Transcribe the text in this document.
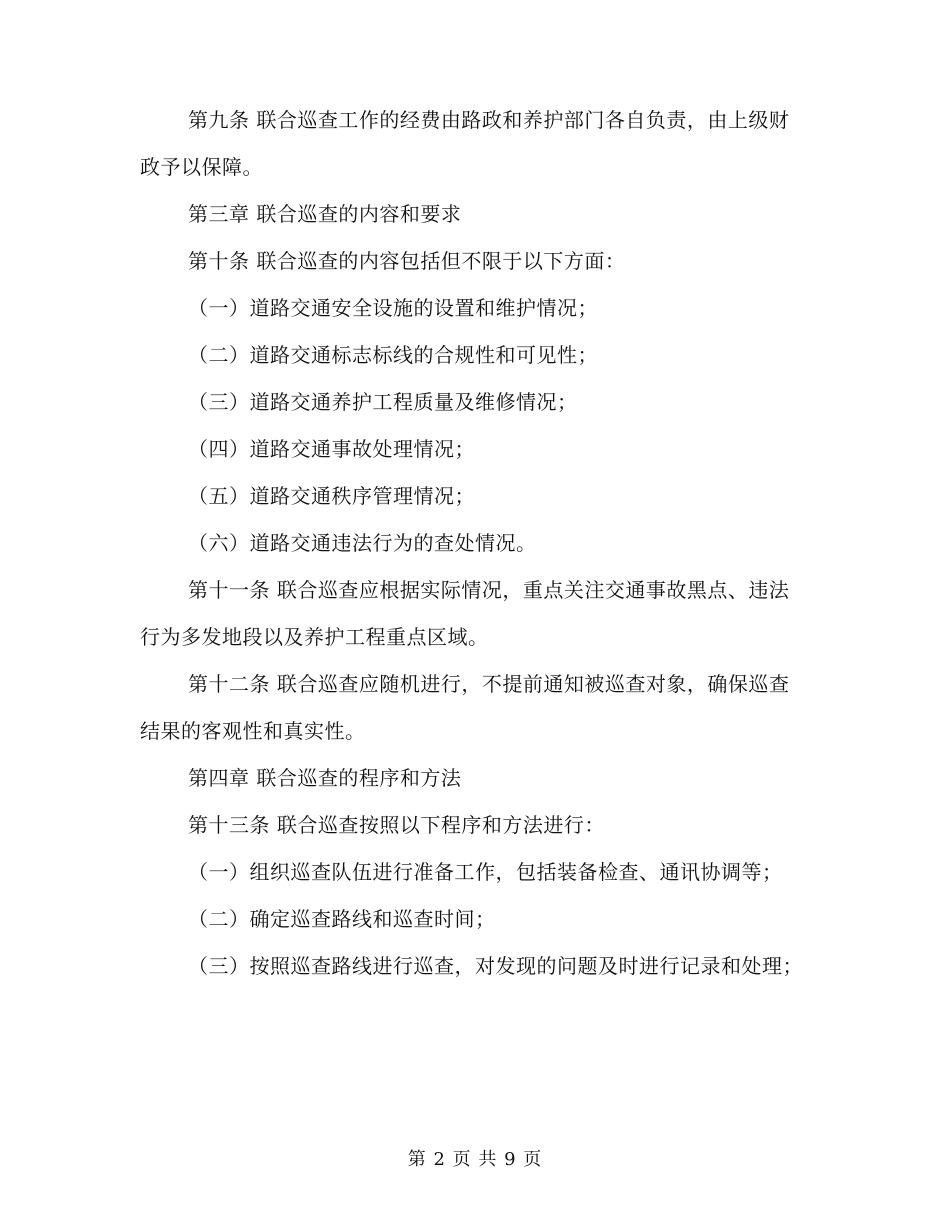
第九条 联合巡查工作的经费由路政和养护部门各自负责，由上级财政予以保障。

第三章 联合巡查的内容和要求

第十条 联合巡查的内容包括但不限于以下方面：

（一）道路交通安全设施的设置和维护情况；

（二）道路交通标志标线的合规性和可见性；

（三）道路交通养护工程质量及维修情况；

（四）道路交通事故处理情况；

（五）道路交通秩序管理情况；

（六）道路交通违法行为的查处情况。

第十一条 联合巡查应根据实际情况，重点关注交通事故黑点、违法行为多发地段以及养护工程重点区域。

第十二条 联合巡查应随机进行，不提前通知被巡查对象，确保巡查结果的客观性和真实性。

第四章 联合巡查的程序和方法

第十三条 联合巡查按照以下程序和方法进行：

（一）组织巡查队伍进行准备工作，包括装备检查、通讯协调等；

（二）确定巡查路线和巡查时间；

（三）按照巡查路线进行巡查，对发现的问题及时进行记录和处理；

第 2 页 共 9 页
